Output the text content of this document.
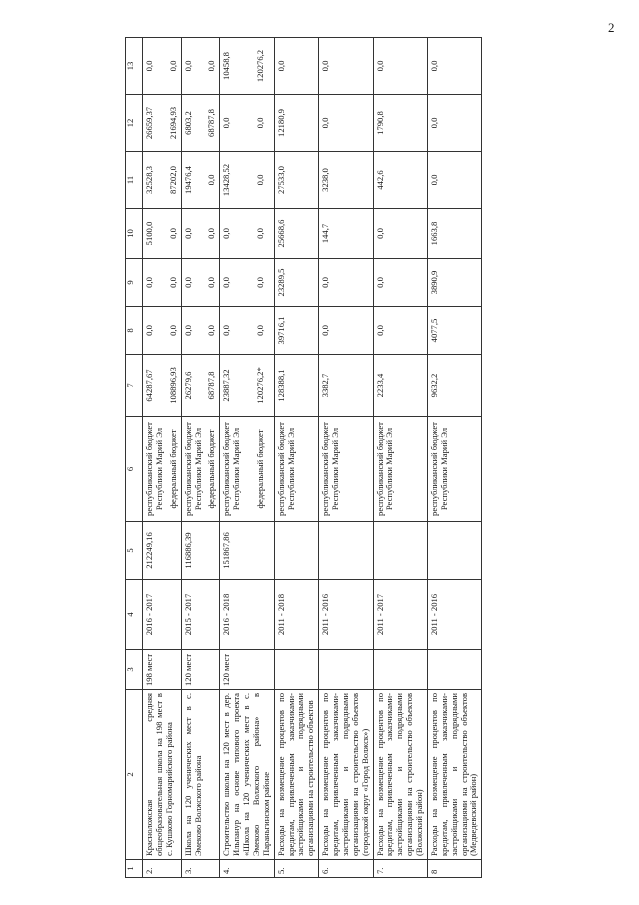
2
1	2	3	4	5	6	7	8	9	10	11	12	13
2.	Красноложская средняя общеобразовательная школа на 198 мест в с. Кушково Горномарийского района	198 мест	2016 - 2017	212249,16	республиканский бюджет Республики Марий Эл	64287,67	0,0	0,0	5100,0	32528,3	26659,37	0,0
					федеральный бюджет	108896,93	0,0	0,0	0,0	87202,0	21694,93	0,0
3.	Школа на 120 ученических мест в с. Эмеково Волжского района	120 мест	2015 - 2017	116886,39	республиканский бюджет Республики Марий Эл	26279,6	0,0	0,0	0,0	19476,4	6803,2	0,0
					федеральный бюджет	68787,8	0,0	0,0	0,0	0,0	68787,8	0,0
4.	Строительство школы на 120 мест в дер. Ильпанур на основе типового проекта «Школа на 120 ученических мест в с. Эмеково Волжского района» в Параньгинском районе	120 мест	2016 - 2018	151867,86	республиканский бюджет Республики Марий Эл	23887,32	0,0	0,0	0,0	13428,52	0,0	10458,8
					федеральный бюджет	120276,2*	0,0	0,0	0,0	0,0	0,0	120276,2
5.	Расходы на возмещение процентов по кредитам, привлеченным заказчиками-застройщиками и подрядными организациями на строительство объектов		2011 - 2018		республиканский бюджет Республики Марий Эл	128388,1	39716,1	23289,5	25668,6	27533,0	12180,9	0,0
6.	Расходы на возмещение процентов по кредитам, привлеченным заказчиками-застройщиками и подрядными организациями на строительство объектов (городской округ «Город Волжск»)		2011 - 2016		республиканский бюджет Республики Марий Эл	3382,7	0,0	0,0	144,7	3238,0	0,0	0,0
7.	Расходы на возмещение процентов по кредитам, привлеченным заказчиками-застройщиками и подрядными организациями на строительство объектов (Волжский район)		2011 - 2017		республиканский бюджет Республики Марий Эл	2233,4	0,0	0,0	0,0	442,6	1790,8	0,0
8	Расходы на возмещение процентов по кредитам, привлеченным заказчиками-застройщиками и подрядными организациями на строительство объектов (Медведевский район)		2011 - 2016		республиканский бюджет Республики Марий Эл	9632,2	4077,5	3890,9	1663,8	0,0	0,0	0,0
